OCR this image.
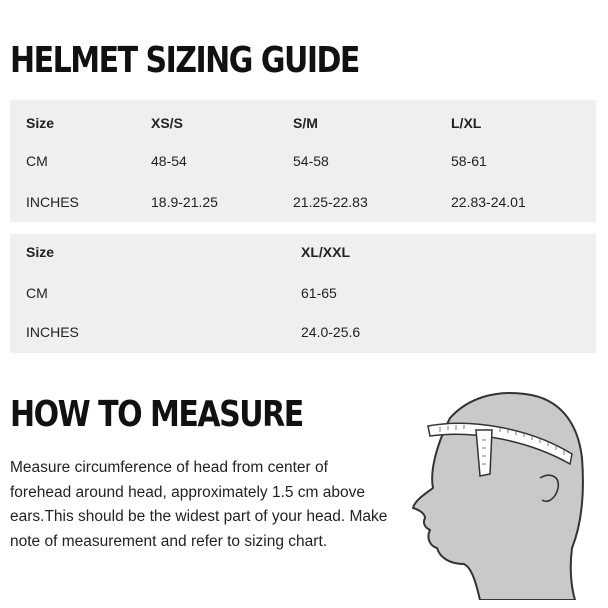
HELMET SIZING GUIDE
Size	XS/S	S/M	L/XL
CM	48-54	54-58	58-61
INCHES	18.9-21.25	21.25-22.83	22.83-24.01
Size	XL/XXL
CM	61-65
INCHES	24.0-25.6
HOW TO MEASURE
Measure circumference of head from center of forehead around head, approximately 1.5 cm above ears.This should be the widest part of your head. Make note of measurement and refer to sizing chart.
